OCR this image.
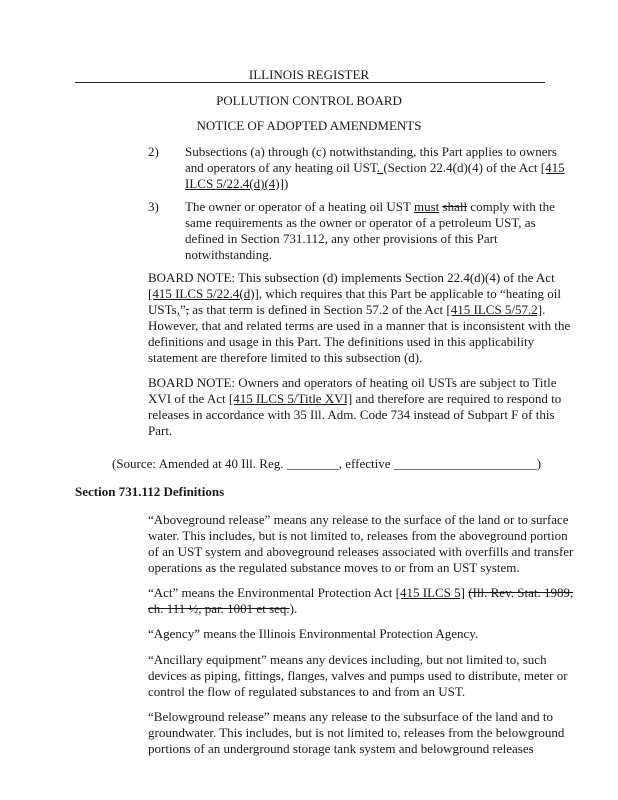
ILLINOIS REGISTER
POLLUTION CONTROL BOARD
NOTICE OF ADOPTED AMENDMENTS
2) Subsections (a) through (c) notwithstanding, this Part applies to owners
and operators of any heating oil UST. (Section 22.4(d)(4) of the Act [415
ILCS 5/22.4(d)(4)])
3) The owner or operator of a heating oil UST must shall comply with the
same requirements as the owner or operator of a petroleum UST, as
defined in Section 731.112, any other provisions of this Part
notwithstanding.
BOARD NOTE: This subsection (d) implements Section 22.4(d)(4) of the Act
[415 ILCS 5/22.4(d)], which requires that this Part be applicable to “heating oil
USTs,”, as that term is defined in Section 57.2 of the Act [415 ILCS 5/57.2].
However, that and related terms are used in a manner that is inconsistent with the
definitions and usage in this Part. The definitions used in this applicability
statement are therefore limited to this subsection (d).
BOARD NOTE: Owners and operators of heating oil USTs are subject to Title
XVI of the Act [415 ILCS 5/Title XVI] and therefore are required to respond to
releases in accordance with 35 Ill. Adm. Code 734 instead of Subpart F of this
Part.
(Source: Amended at 40 Ill. Reg. ________, effective ______________________)
Section 731.112 Definitions
“Aboveground release” means any release to the surface of the land or to surface
water. This includes, but is not limited to, releases from the aboveground portion
of an UST system and aboveground releases associated with overfills and transfer
operations as the regulated substance moves to or from an UST system.
“Act” means the Environmental Protection Act [415 ILCS 5] (Ill. Rev. Stat. 1989,
ch. 111 ½, par. 1001 et seq.).
“Agency” means the Illinois Environmental Protection Agency.
“Ancillary equipment” means any devices including, but not limited to, such
devices as piping, fittings, flanges, valves and pumps used to distribute, meter or
control the flow of regulated substances to and from an UST.
“Belowground release” means any release to the subsurface of the land and to
groundwater. This includes, but is not limited to, releases from the belowground
portions of an underground storage tank system and belowground releases
